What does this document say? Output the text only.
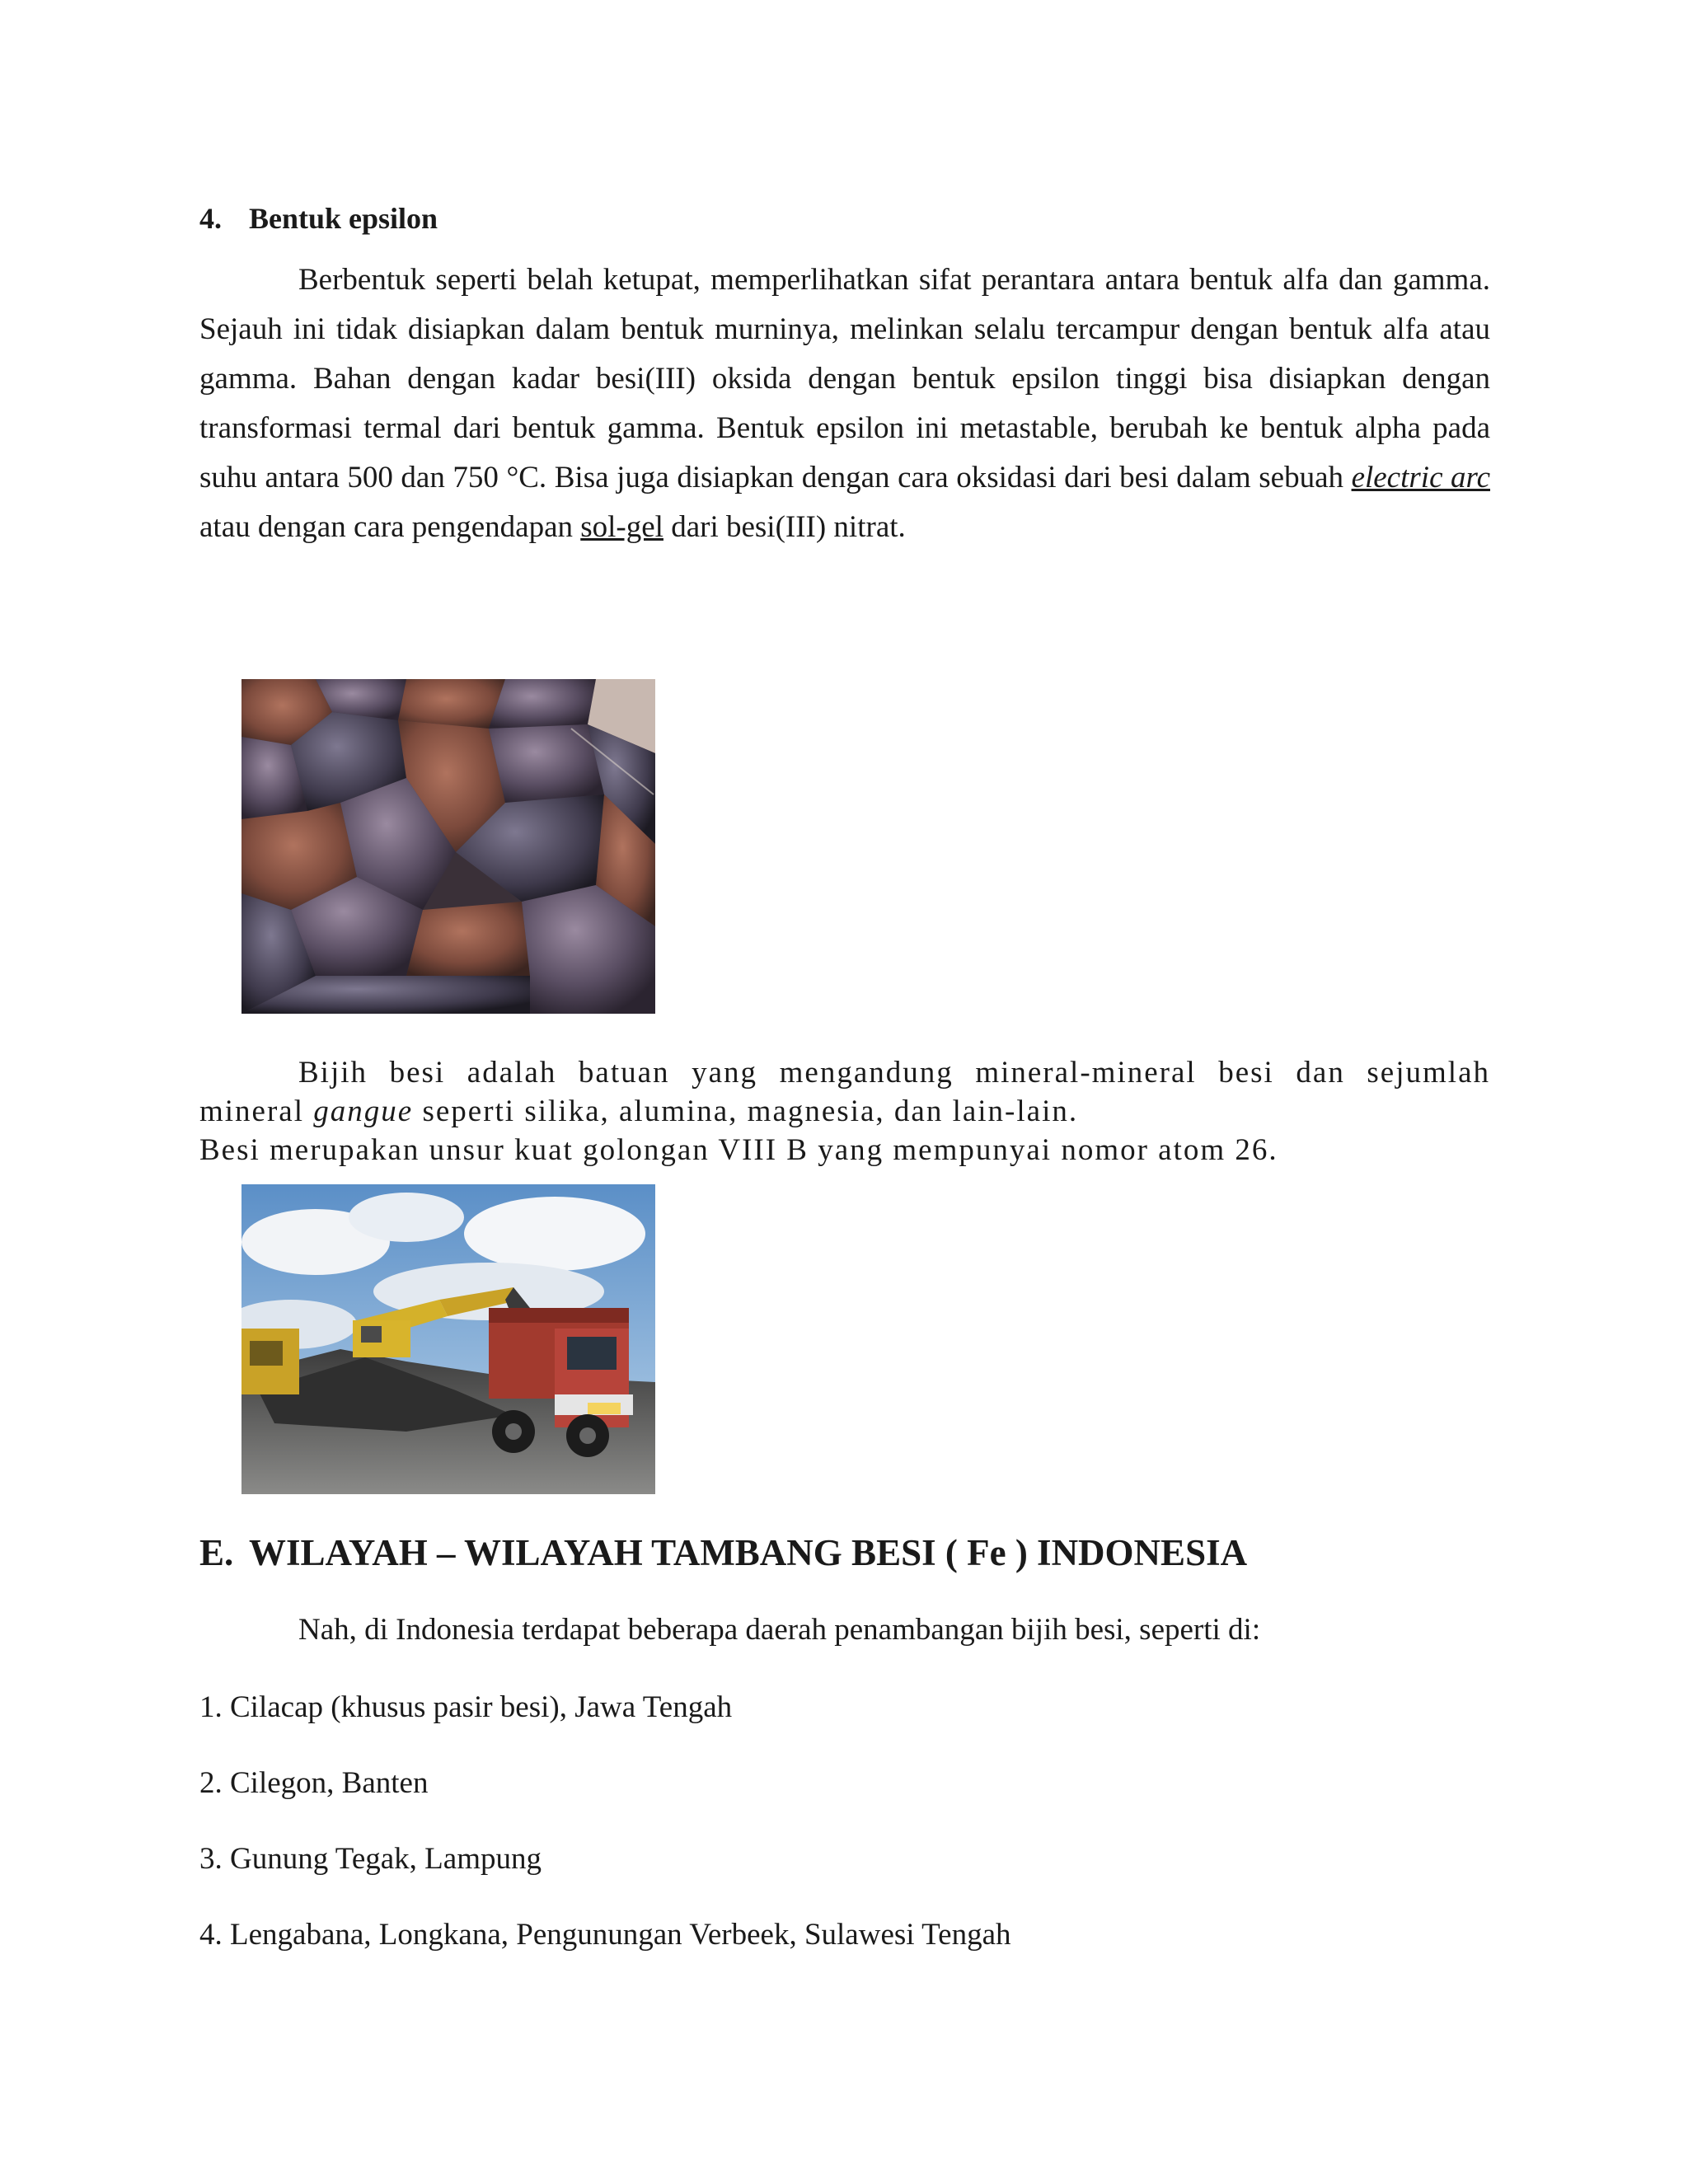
4. Bentuk epsilon

Berbentuk seperti belah ketupat, memperlihatkan sifat perantara antara bentuk alfa dan gamma. Sejauh ini tidak disiapkan dalam bentuk murninya, melinkan selalu tercampur dengan bentuk alfa atau gamma. Bahan dengan kadar besi(III) oksida dengan bentuk epsilon tinggi bisa disiapkan dengan transformasi termal dari bentuk gamma. Bentuk epsilon ini metastable, berubah ke bentuk alpha pada suhu antara 500 dan 750 °C. Bisa juga disiapkan dengan cara oksidasi dari besi dalam sebuah electric arc atau dengan cara pengendapan sol-gel dari besi(III) nitrat.

Bijih besi adalah batuan yang mengandung mineral-mineral besi dan sejumlah mineral gangue seperti silika, alumina, magnesia, dan lain-lain.

Besi merupakan unsur kuat golongan VIII B yang mempunyai nomor atom 26.

E. WILAYAH – WILAYAH TAMBANG BESI ( Fe ) INDONESIA

Nah, di Indonesia terdapat beberapa daerah penambangan bijih besi, seperti di:

1. Cilacap (khusus pasir besi), Jawa Tengah

2. Cilegon, Banten

3. Gunung Tegak, Lampung

4. Lengabana, Longkana, Pengunungan Verbeek, Sulawesi Tengah
